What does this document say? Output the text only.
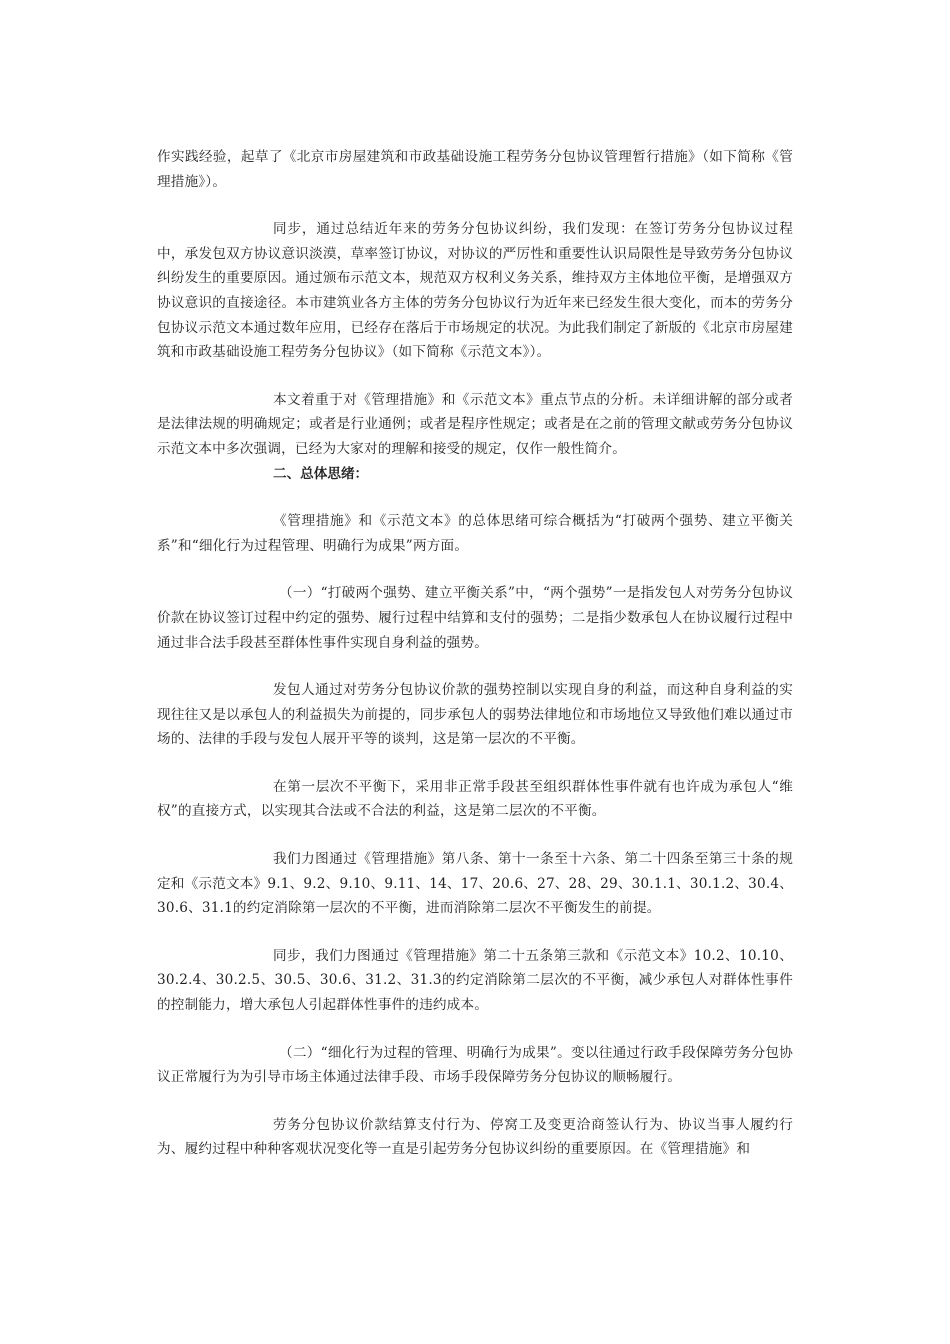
作实践经验，起草了《北京市房屋建筑和市政基础设施工程劳务分包协议管理暂行措施》（如下简称《管理措施》）。

同步，通过总结近年来的劳务分包协议纠纷，我们发现：在签订劳务分包协议过程中，承发包双方协议意识淡漠，草率签订协议，对协议的严厉性和重要性认识局限性是导致劳务分包协议纠纷发生的重要原因。通过颁布示范文本，规范双方权利义务关系，维持双方主体地位平衡，是增强双方协议意识的直接途径。本市建筑业各方主体的劳务分包协议行为近年来已经发生很大变化，而本的劳务分包协议示范文本通过数年应用，已经存在落后于市场规定的状况。为此我们制定了新版的《北京市房屋建筑和市政基础设施工程劳务分包协议》（如下简称《示范文本》）。

本文着重于对《管理措施》和《示范文本》重点节点的分析。未详细讲解的部分或者是法律法规的明确规定；或者是行业通例；或者是程序性规定；或者是在之前的管理文献或劳务分包协议示范文本中多次强调，已经为大家对的理解和接受的规定，仅作一般性简介。

二、总体思绪：

《管理措施》和《示范文本》的总体思绪可综合概括为“打破两个强势、建立平衡关系”和“细化行为过程管理、明确行为成果”两方面。

（一）“打破两个强势、建立平衡关系”中，“两个强势”一是指发包人对劳务分包协议价款在协议签订过程中约定的强势、履行过程中结算和支付的强势；二是指少数承包人在协议履行过程中通过非合法手段甚至群体性事件实现自身利益的强势。

发包人通过对劳务分包协议价款的强势控制以实现自身的利益，而这种自身利益的实现往往又是以承包人的利益损失为前提的，同步承包人的弱势法律地位和市场地位又导致他们难以通过市场的、法律的手段与发包人展开平等的谈判，这是第一层次的不平衡。

在第一层次不平衡下，采用非正常手段甚至组织群体性事件就有也许成为承包人“维权”的直接方式，以实现其合法或不合法的利益，这是第二层次的不平衡。

我们力图通过《管理措施》第八条、第十一条至十六条、第二十四条至第三十条的规定和《示范文本》9.1、9.2、9.10、9.11、14、17、20.6、27、28、29、30.1.1、30.1.2、30.4、30.6、31.1的约定消除第一层次的不平衡，进而消除第二层次不平衡发生的前提。

同步，我们力图通过《管理措施》第二十五条第三款和《示范文本》10.2、10.10、30.2.4、30.2.5、30.5、30.6、31.2、31.3的约定消除第二层次的不平衡，减少承包人对群体性事件的控制能力，增大承包人引起群体性事件的违约成本。

（二）“细化行为过程的管理、明确行为成果”。变以往通过行政手段保障劳务分包协议正常履行为为引导市场主体通过法律手段、市场手段保障劳务分包协议的顺畅履行。

劳务分包协议价款结算支付行为、停窝工及变更洽商签认行为、协议当事人履约行为、履约过程中种种客观状况变化等一直是引起劳务分包协议纠纷的重要原因。在《管理措施》和
